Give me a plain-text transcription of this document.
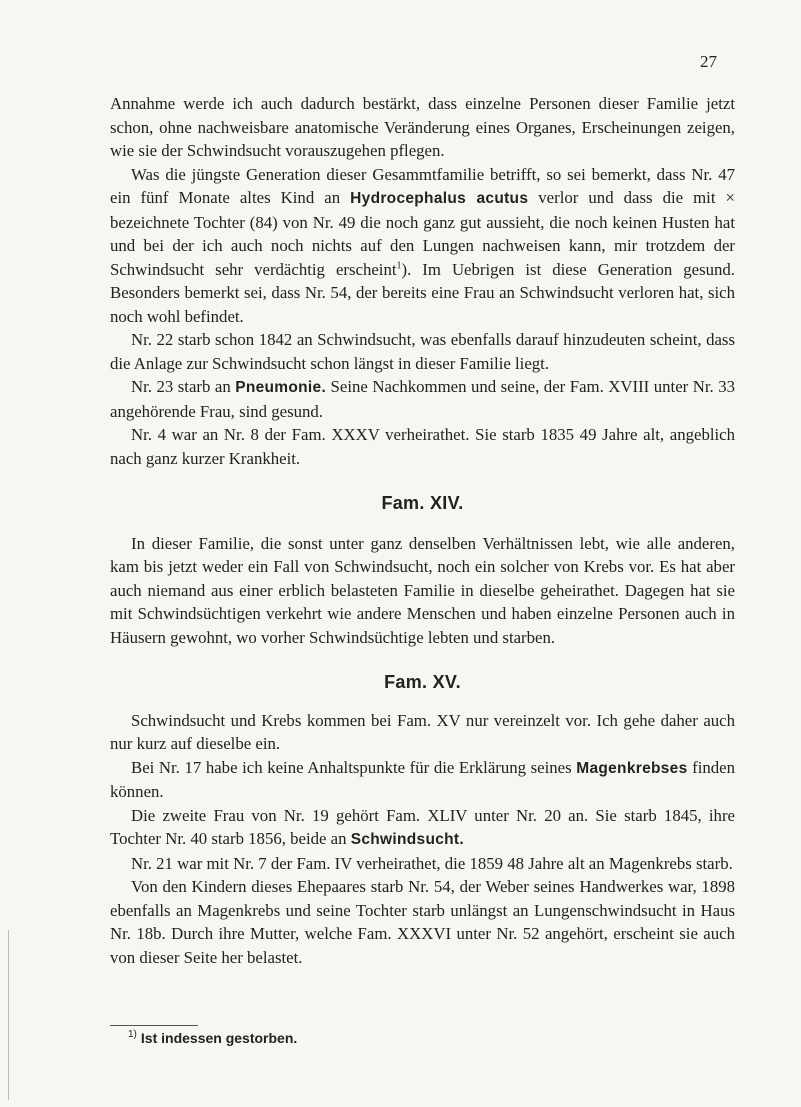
27

Annahme werde ich auch dadurch bestärkt, dass einzelne Personen dieser Familie jetzt schon, ohne nachweisbare anatomische Veränderung eines Organes, Erscheinungen zeigen, wie sie der Schwindsucht vorauszugehen pflegen.

Was die jüngste Generation dieser Gesammtfamilie betrifft, so sei bemerkt, dass Nr. 47 ein fünf Monate altes Kind an Hydrocephalus acutus verlor und dass die mit × bezeichnete Tochter (84) von Nr. 49 die noch ganz gut aussieht, die noch keinen Husten hat und bei der ich auch noch nichts auf den Lungen nachweisen kann, mir trotzdem der Schwindsucht sehr verdächtig erscheint$^1$). Im Uebrigen ist diese Generation gesund. Besonders bemerkt sei, dass Nr. 54, der bereits eine Frau an Schwindsucht verloren hat, sich noch wohl befindet.

Nr. 22 starb schon 1842 an Schwindsucht, was ebenfalls darauf hinzudeuten scheint, dass die Anlage zur Schwindsucht schon längst in dieser Familie liegt.

Nr. 23 starb an Pneumonie. Seine Nachkommen und seine, der Fam. XVIII unter Nr. 33 angehörende Frau, sind gesund.

Nr. 4 war an Nr. 8 der Fam. XXXV verheirathet. Sie starb 1835 49 Jahre alt, angeblich nach ganz kurzer Krankheit.

Fam. XIV.

In dieser Familie, die sonst unter ganz denselben Verhältnissen lebt, wie alle anderen, kam bis jetzt weder ein Fall von Schwindsucht, noch ein solcher von Krebs vor. Es hat aber auch niemand aus einer erblich belasteten Familie in dieselbe geheirathet. Dagegen hat sie mit Schwindsüchtigen verkehrt wie andere Menschen und haben einzelne Personen auch in Häusern gewohnt, wo vorher Schwindsüchtige lebten und starben.

Fam. XV.

Schwindsucht und Krebs kommen bei Fam. XV nur vereinzelt vor. Ich gehe daher auch nur kurz auf dieselbe ein.

Bei Nr. 17 habe ich keine Anhaltspunkte für die Erklärung seines Magenkrebses finden können.

Die zweite Frau von Nr. 19 gehört Fam. XLIV unter Nr. 20 an. Sie starb 1845, ihre Tochter Nr. 40 starb 1856, beide an Schwindsucht.

Nr. 21 war mit Nr. 7 der Fam. IV verheirathet, die 1859 48 Jahre alt an Magenkrebs starb.

Von den Kindern dieses Ehepaares starb Nr. 54, der Weber seines Handwerkes war, 1898 ebenfalls an Magenkrebs und seine Tochter starb unlängst an Lungenschwindsucht in Haus Nr. 18b. Durch ihre Mutter, welche Fam. XXXVI unter Nr. 52 angehört, erscheint sie auch von dieser Seite her belastet.

$^{1)}$ Ist indessen gestorben.
